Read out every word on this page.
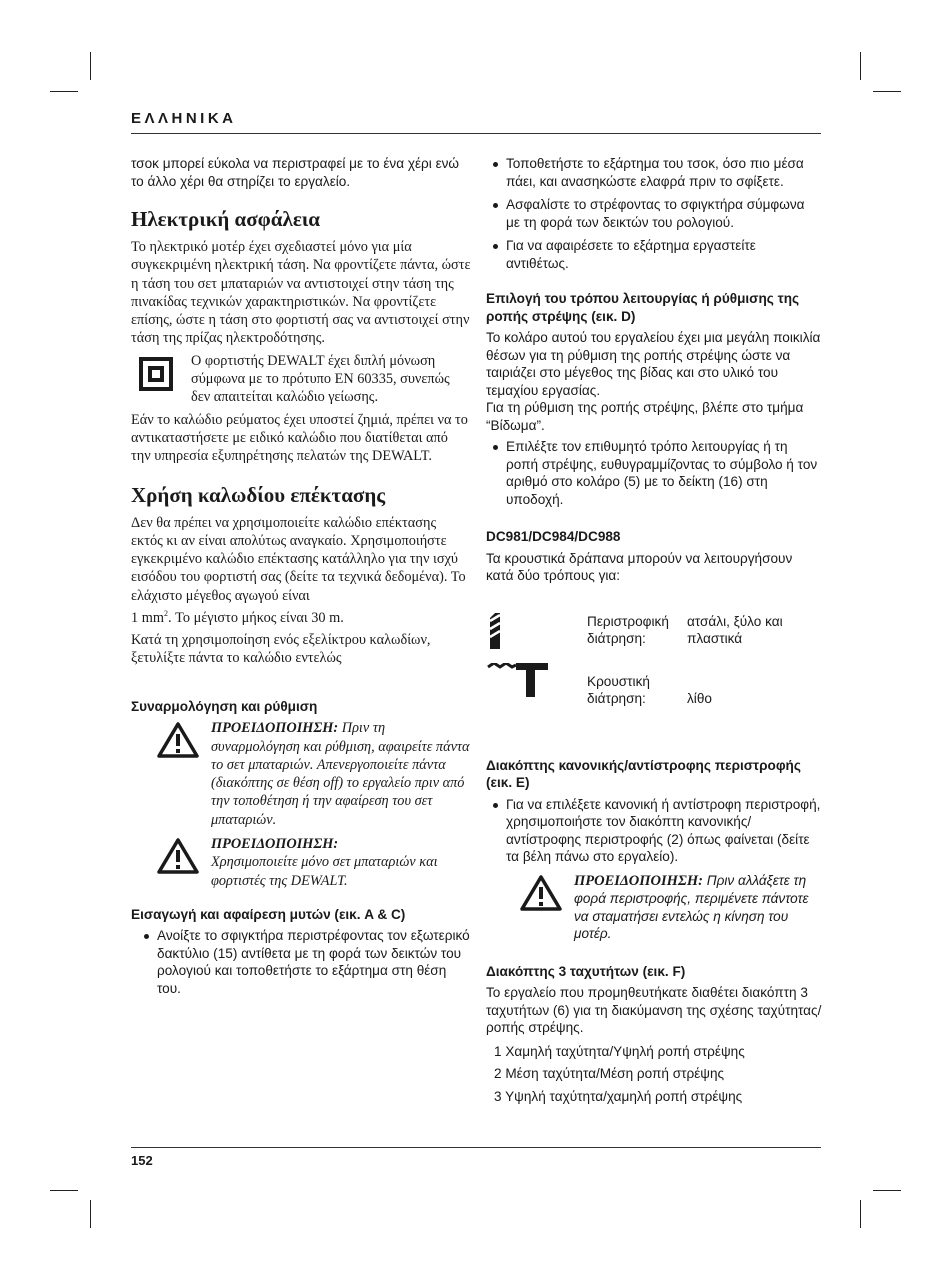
ΕΛΛΗΝΙΚΑ

τσοκ μπορεί εύκολα να περιστραφεί με το ένα χέρι ενώ το άλλο χέρι θα στηρίζει το εργαλείο.

Ηλεκτρική ασφάλεια

Το ηλεκτρικό μοτέρ έχει σχεδιαστεί μόνο για μία συγκεκριμένη ηλεκτρική τάση. Να φροντίζετε πάντα, ώστε η τάση του σετ μπαταριών να αντιστοιχεί στην τάση της πινακίδας τεχνικών χαρακτηριστικών. Να φροντίζετε επίσης, ώστε η τάση στο φορτιστή σας να αντιστοιχεί στην τάση της πρίζας ηλεκτροδότησης.

Ο φορτιστής DEWALT έχει διπλή μόνωση σύμφωνα με το πρότυπο EN 60335, συνεπώς δεν απαιτείται καλώδιο γείωσης.

Εάν το καλώδιο ρεύματος έχει υποστεί ζημιά, πρέπει να το αντικαταστήσετε με ειδικό καλώδιο που διατίθεται από την υπηρεσία εξυπηρέτησης πελατών της DEWALT.

Χρήση καλωδίου επέκτασης

Δεν θα πρέπει να χρησιμοποιείτε καλώδιο επέκτασης εκτός κι αν είναι απολύτως αναγκαίο. Χρησιμοποιήστε εγκεκριμένο καλώδιο επέκτασης κατάλληλο για την ισχύ εισόδου του φορτιστή σας (δείτε τα τεχνικά δεδομένα). Το ελάχιστο μέγεθος αγωγού είναι
1 $mm^2$. Το μέγιστο μήκος είναι 30 m.

Κατά τη χρησιμοποίηση ενός εξελίκτρου καλωδίων, ξετυλίξτε πάντα το καλώδιο εντελώς

Συναρμολόγηση και ρύθμιση

ΠΡΟΕΙΔΟΠΟΙΗΣΗ: Πριν τη συναρμολόγηση και ρύθμιση, αφαιρείτε πάντα το σετ μπαταριών. Απενεργοποιείτε πάντα (διακόπτης σε θέση off) το εργαλείο πριν από την τοποθέτηση ή την αφαίρεση του σετ μπαταριών.

ΠΡΟΕΙΔΟΠΟΙΗΣΗ:
Χρησιμοποιείτε μόνο σετ μπαταριών και φορτιστές της DEWALT.

Εισαγωγή και αφαίρεση μυτών (εικ. A & C)
Ανοίξτε το σφιγκτήρα περιστρέφοντας τον εξωτερικό δακτύλιο (15) αντίθετα με τη φορά των δεικτών του ρολογιού και τοποθετήστε το εξάρτημα στη θέση του.
Τοποθετήστε το εξάρτημα του τσοκ, όσο πιο μέσα πάει, και ανασηκώστε ελαφρά πριν το σφίξετε.
Ασφαλίστε το στρέφοντας το σφιγκτήρα σύμφωνα με τη φορά των δεικτών του ρολογιού.
Για να αφαιρέσετε το εξάρτημα εργαστείτε αντιθέτως.
Επιλογή του τρόπου λειτουργίας ή ρύθμισης της ροπής στρέψης (εικ. D)

Το κολάρο αυτού του εργαλείου έχει μια μεγάλη ποικιλία θέσων για τη ρύθμιση της ροπής στρέψης ώστε να ταιριάζει στο μέγεθος της βίδας και στο υλικό του τεμαχίου εργασίας.

Για τη ρύθμιση της ροπής στρέψης, βλέπε στο τμήμα “Βίδωμα”.

Επιλέξτε τον επιθυμητό τρόπο λειτουργίας ή τη ροπή στρέψης, ευθυγραμμίζοντας το σύμβολο ή τον αριθμό στο κολάρο (5) με το δείκτη (16) στη υποδοχή.
DC981/DC984/DC988

Τα κρουστικά δράπανα μπορούν να λειτουργήσουν κατά δύο τρόπους για:

Περιστροφική διάτρηση:
ατσάλι, ξύλο και πλαστικά
Κρουστική διάτρηση:	λίθο
Διακόπτης κανονικής/αντίστροφης περιστροφής (εικ. E)
Για να επιλέξετε κανονική ή αντίστροφη περιστροφή, χρησιμοποιήστε τον διακόπτη κανονικής/αντίστροφης περιστροφής (2) όπως φαίνεται (δείτε τα βέλη πάνω στο εργαλείο).

ΠΡΟΕΙΔΟΠΟΙΗΣΗ: Πριν αλλάξετε τη φορά περιστροφής, περιμένετε πάντοτε να σταματήσει εντελώς η κίνηση του μοτέρ.

Διακόπτης 3 ταχυτήτων (εικ. F)

Το εργαλείο που προμηθευτήκατε διαθέτει διακόπτη 3 ταχυτήτων (6) για τη διακύμανση της σχέσης ταχύτητας/ροπής στρέψης.

1 Χαμηλή ταχύτητα/Υψηλή ροπή στρέψης
2 Μέση ταχύτητα/Μέση ροπή στρέψης
3 Υψηλή ταχύτητα/χαμηλή ροπή στρέψης
152
